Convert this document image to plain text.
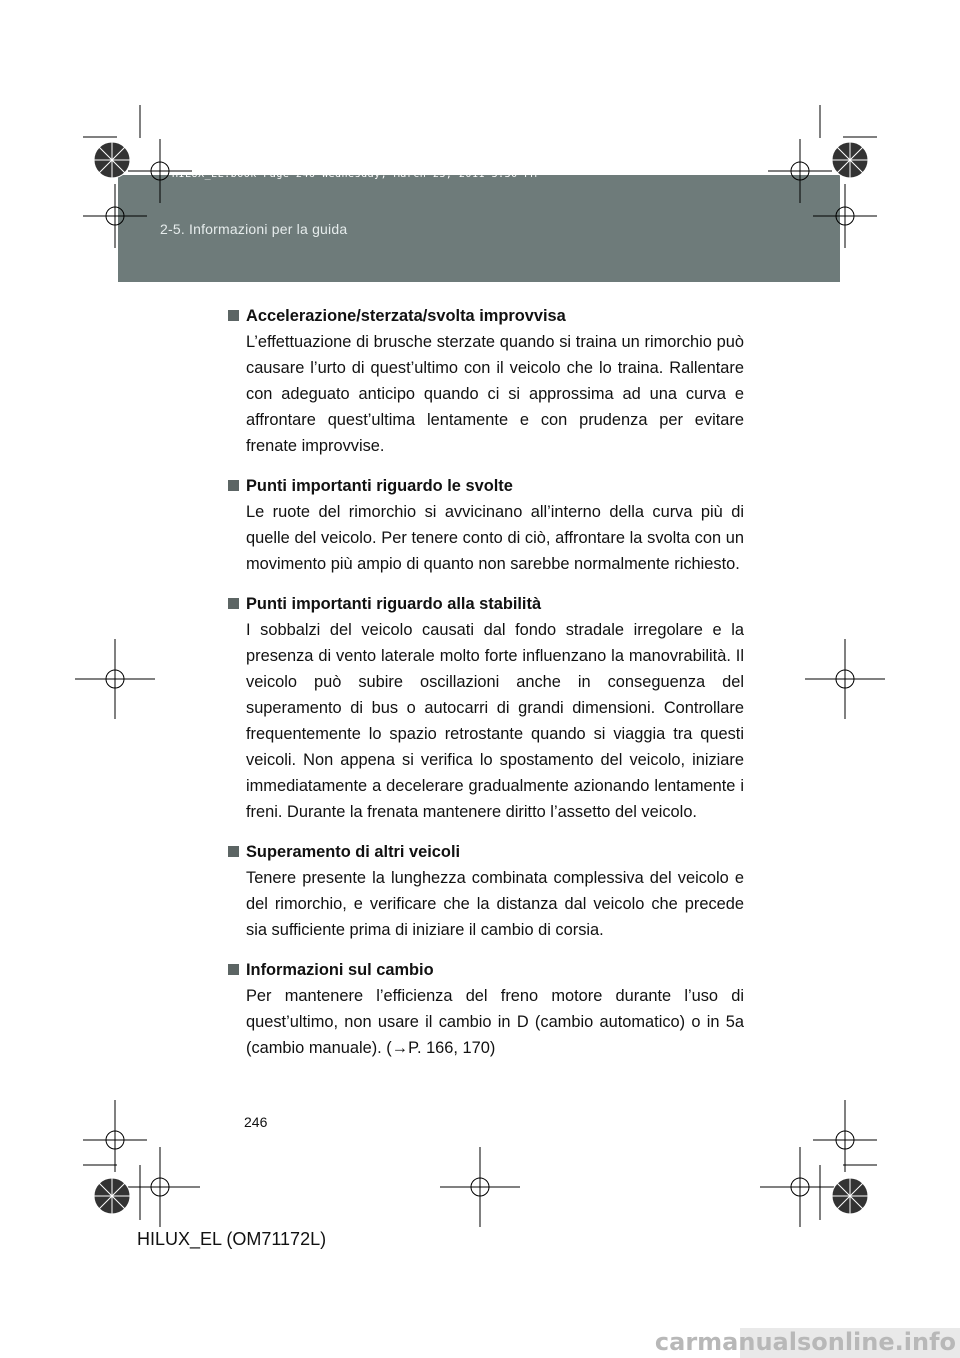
HILUX_EL.book Page 246 Wednesday, March 23, 2011 3:30 PM
2-5. Informazioni per la guida
Accelerazione/sterzata/svolta improvvisa
L’effettuazione di brusche sterzate quando si traina un rimorchio può causare l’urto di quest’ultimo con il veicolo che lo traina. Rallentare con adeguato anticipo quando ci si approssima ad una curva e affrontare quest’ultima lentamente e con prudenza per evitare frenate improvvise.
Punti importanti riguardo le svolte
Le ruote del rimorchio si avvicinano all’interno della curva più di quelle del veicolo. Per tenere conto di ciò, affrontare la svolta con un movimento più ampio di quanto non sarebbe normalmente richiesto.
Punti importanti riguardo alla stabilità
I sobbalzi del veicolo causati dal fondo stradale irregolare e la presenza di vento laterale molto forte influenzano la manovrabilità. Il veicolo può subire oscillazioni anche in conseguenza del superamento di bus o autocarri di grandi dimensioni. Controllare frequentemente lo spazio retrostante quando si viaggia tra questi veicoli. Non appena si verifica lo spostamento del veicolo, iniziare immediatamente a decelerare gradualmente azionando lentamente i freni. Durante la frenata mantenere diritto l’assetto del veicolo.
Superamento di altri veicoli
Tenere presente la lunghezza combinata complessiva del veicolo e del rimorchio, e verificare che la distanza dal veicolo che precede sia sufficiente prima di iniziare il cambio di corsia.
Informazioni sul cambio
Per mantenere l’efficienza del freno motore durante l’uso di quest’ultimo, non usare il cambio in D (cambio automatico) o in 5a (cambio manuale). (→P. 166, 170)
246
HILUX_EL (OM71172L)
carmanualsonline.info
